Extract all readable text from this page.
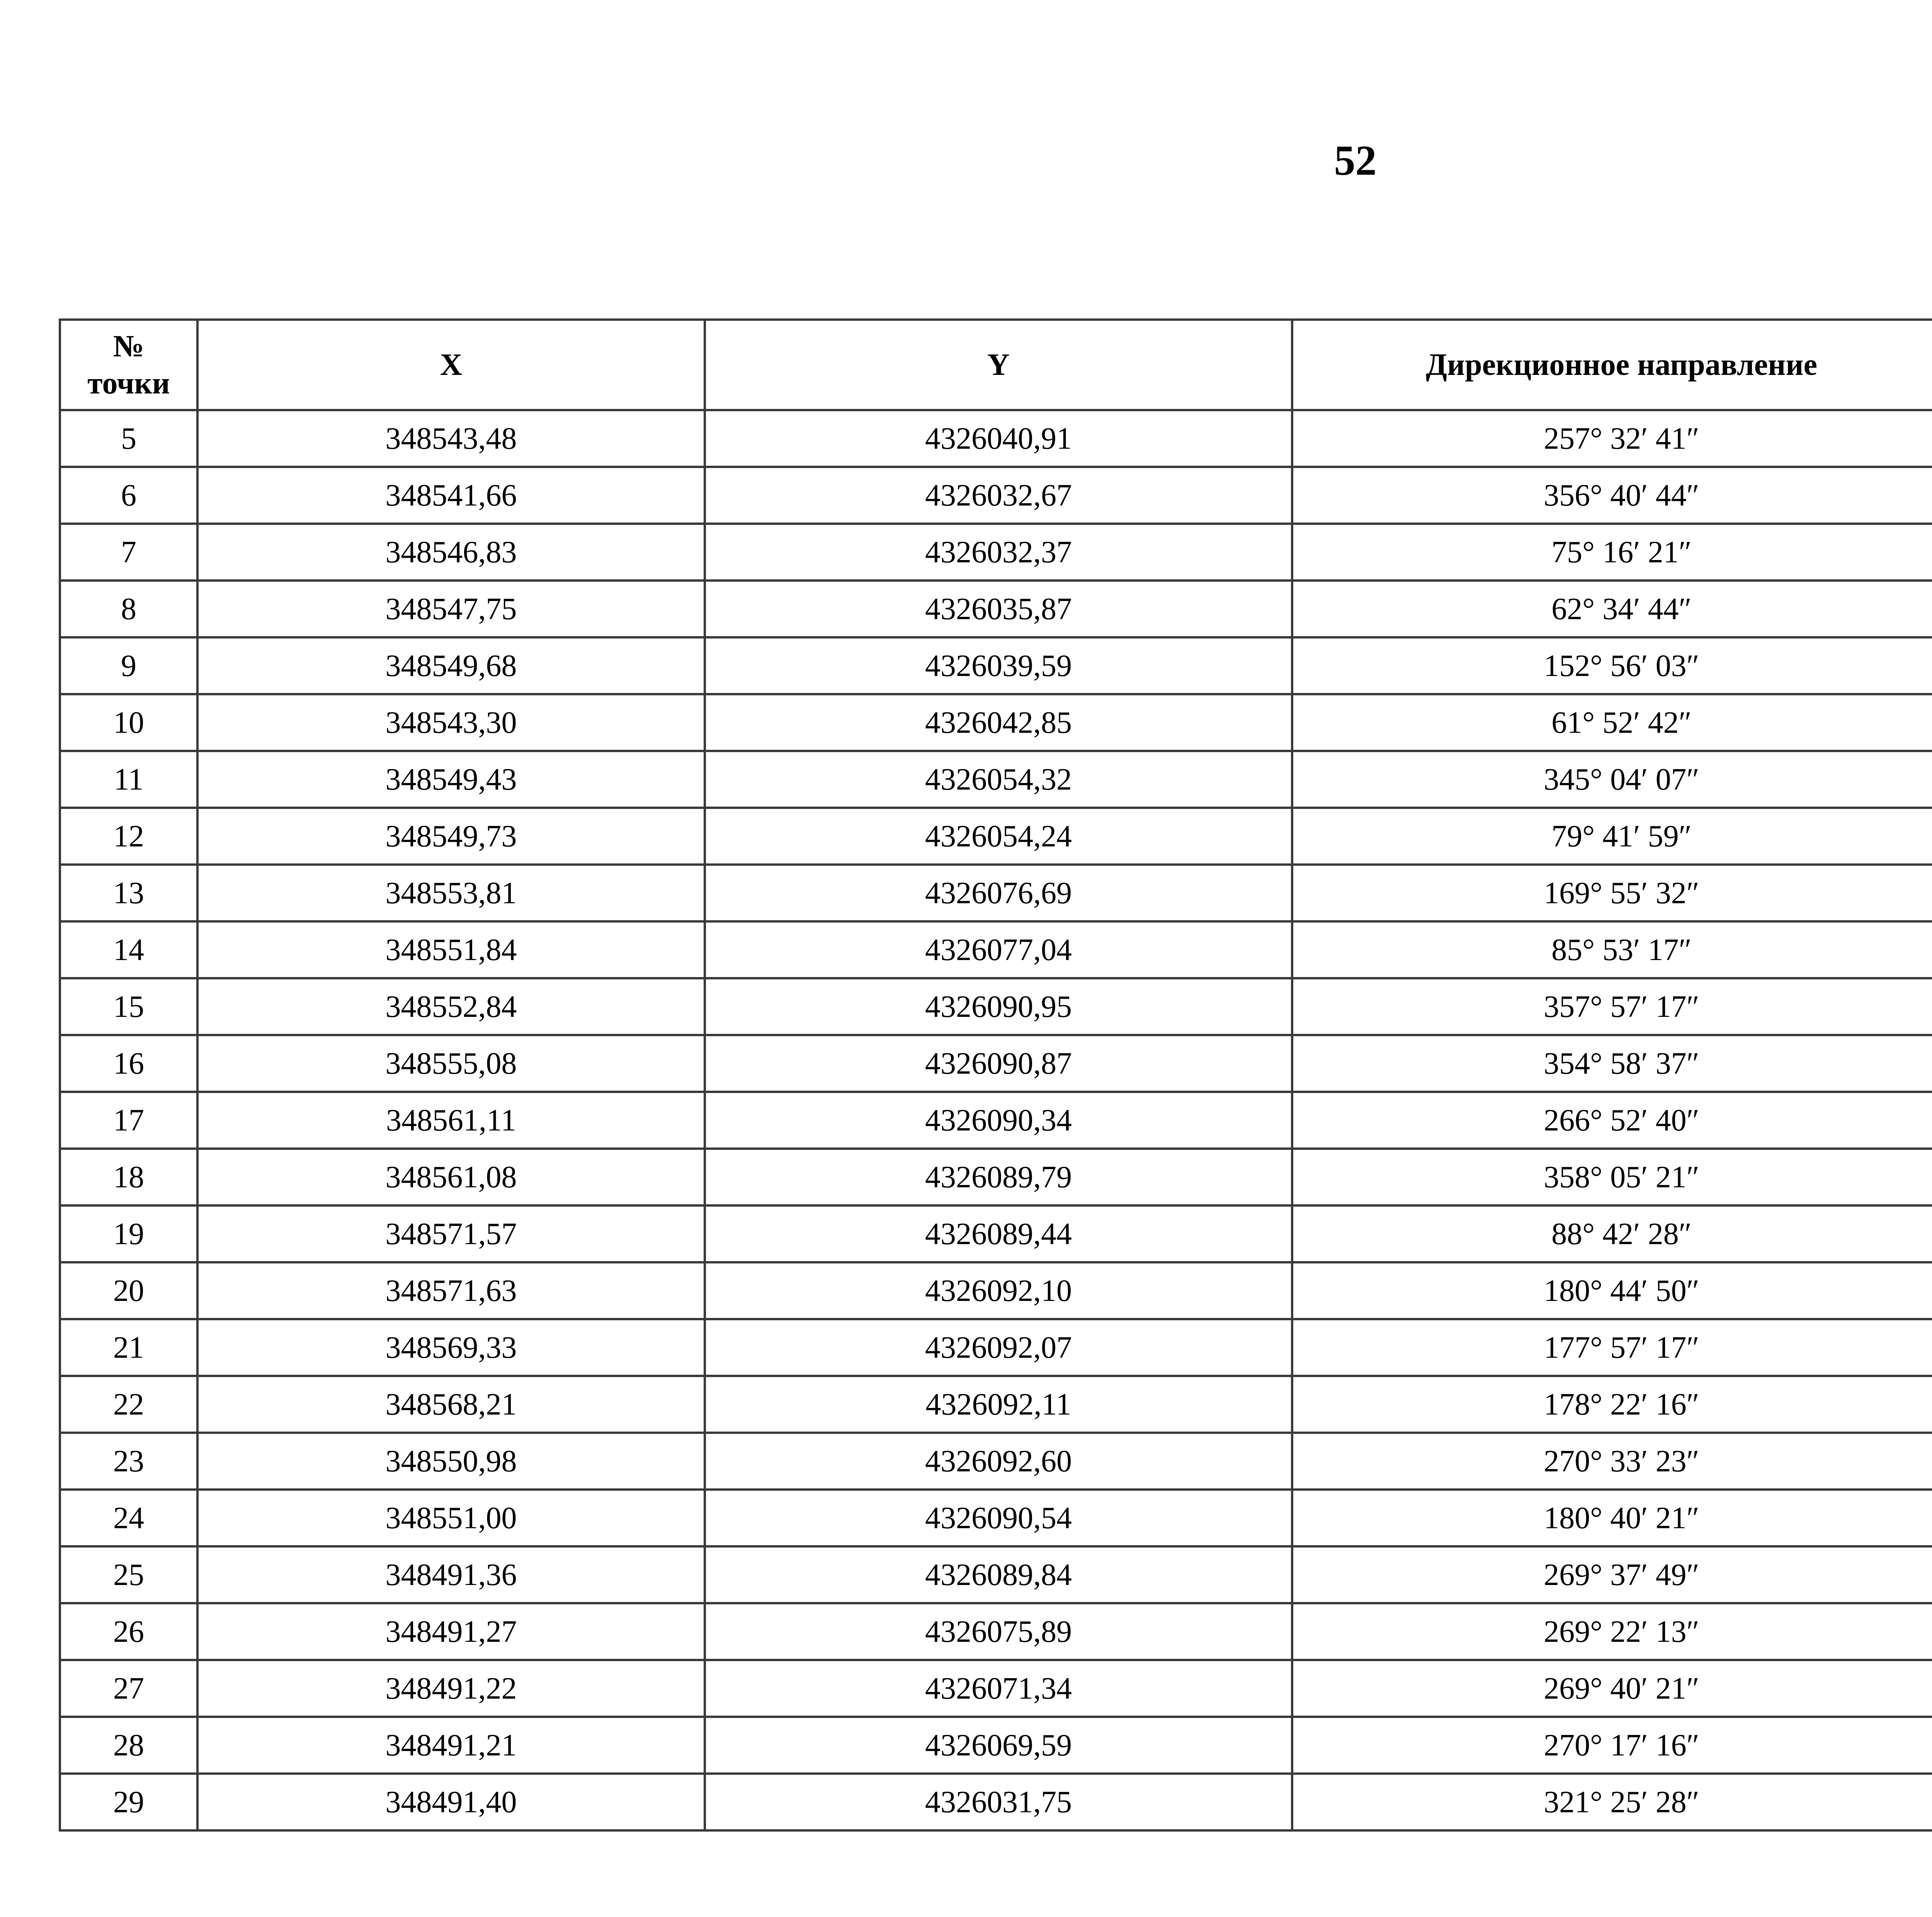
52
№
точки	X	Y	Дирекционное направление	
5	348543,48	4326040,91	257° 32′ 41″	
6	348541,66	4326032,67	356° 40′ 44″	
7	348546,83	4326032,37	75° 16′ 21″	
8	348547,75	4326035,87	62° 34′ 44″	
9	348549,68	4326039,59	152° 56′ 03″	
10	348543,30	4326042,85	61° 52′ 42″	
11	348549,43	4326054,32	345° 04′ 07″	
12	348549,73	4326054,24	79° 41′ 59″	
13	348553,81	4326076,69	169° 55′ 32″	
14	348551,84	4326077,04	85° 53′ 17″	
15	348552,84	4326090,95	357° 57′ 17″	
16	348555,08	4326090,87	354° 58′ 37″	
17	348561,11	4326090,34	266° 52′ 40″	
18	348561,08	4326089,79	358° 05′ 21″	
19	348571,57	4326089,44	88° 42′ 28″	
20	348571,63	4326092,10	180° 44′ 50″	
21	348569,33	4326092,07	177° 57′ 17″	
22	348568,21	4326092,11	178° 22′ 16″	
23	348550,98	4326092,60	270° 33′ 23″	
24	348551,00	4326090,54	180° 40′ 21″	
25	348491,36	4326089,84	269° 37′ 49″	
26	348491,27	4326075,89	269° 22′ 13″	
27	348491,22	4326071,34	269° 40′ 21″	
28	348491,21	4326069,59	270° 17′ 16″	
29	348491,40	4326031,75	321° 25′ 28″	
